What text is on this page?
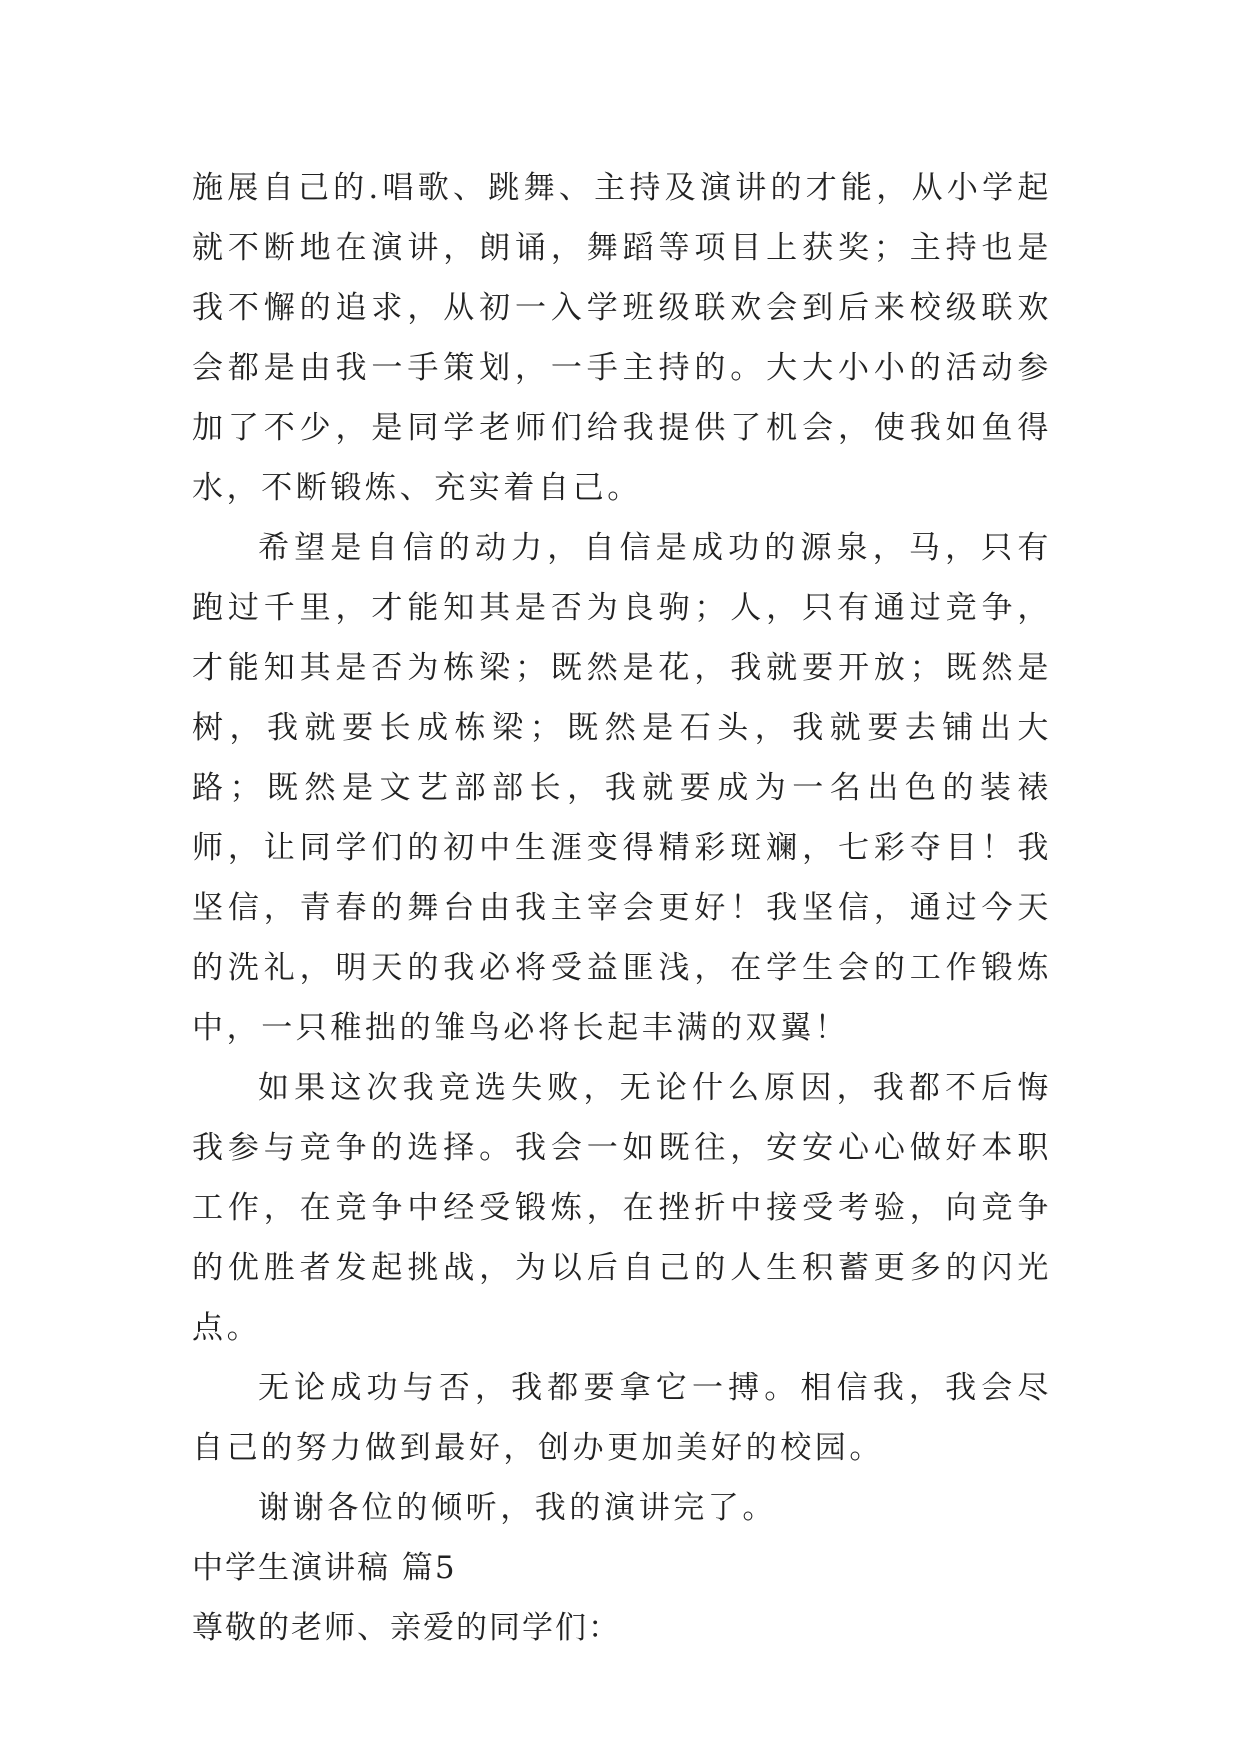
施展自己的.唱歌、跳舞、主持及演讲的才能，从小学起就不断地在演讲，朗诵，舞蹈等项目上获奖；主持也是我不懈的追求，从初一入学班级联欢会到后来校级联欢会都是由我一手策划，一手主持的。大大小小的活动参加了不少，是同学老师们给我提供了机会，使我如鱼得水，不断锻炼、充实着自己。

希望是自信的动力，自信是成功的源泉，马，只有跑过千里，才能知其是否为良驹；人，只有通过竞争，才能知其是否为栋梁；既然是花，我就要开放；既然是树，我就要长成栋梁；既然是石头，我就要去铺出大路；既然是文艺部部长，我就要成为一名出色的装裱师，让同学们的初中生涯变得精彩斑斓，七彩夺目！我坚信，青春的舞台由我主宰会更好！我坚信，通过今天的洗礼，明天的我必将受益匪浅，在学生会的工作锻炼中，一只稚拙的雏鸟必将长起丰满的双翼！

如果这次我竞选失败，无论什么原因，我都不后悔我参与竞争的选择。我会一如既往，安安心心做好本职工作，在竞争中经受锻炼，在挫折中接受考验，向竞争的优胜者发起挑战，为以后自己的人生积蓄更多的闪光点。

无论成功与否，我都要拿它一搏。相信我，我会尽自己的努力做到最好，创办更加美好的校园。

谢谢各位的倾听，我的演讲完了。

中学生演讲稿 篇5

尊敬的老师、亲爱的同学们：
